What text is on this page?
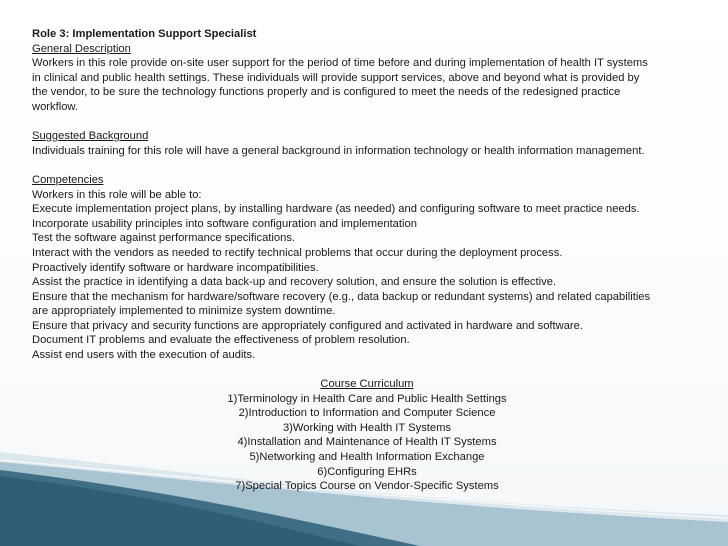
Role 3: Implementation Support Specialist

General Description

Workers in this role provide on-site user support for the period of time before and during implementation of health IT systems

in clinical and public health settings. These individuals will provide support services, above and beyond what is provided by

the vendor, to be sure the technology functions properly and is configured to meet the needs of the redesigned practice

workflow.

Suggested Background

Individuals training for this role will have a general background in information technology or health information management.

Competencies

Workers in this role will be able to:

Execute implementation project plans, by installing hardware (as needed) and configuring software to meet practice needs.

Incorporate usability principles into software configuration and implementation

Test the software against performance specifications.

Interact with the vendors as needed to rectify technical problems that occur during the deployment process.

Proactively identify software or hardware incompatibilities.

Assist the practice in identifying a data back-up and recovery solution, and ensure the solution is effective.

Ensure that the mechanism for hardware/software recovery (e.g., data backup or redundant systems) and related capabilities

are appropriately implemented to minimize system downtime.

Ensure that privacy and security functions are appropriately configured and activated in hardware and software.

Document IT problems and evaluate the effectiveness of problem resolution.

Assist end users with the execution of audits.

Course Curriculum

1)Terminology in Health Care and Public Health Settings

2)Introduction to Information and Computer Science

3)Working with Health IT Systems

4)Installation and Maintenance of Health IT Systems

5)Networking and Health Information Exchange

6)Configuring EHRs

7)Special Topics Course on Vendor-Specific Systems
